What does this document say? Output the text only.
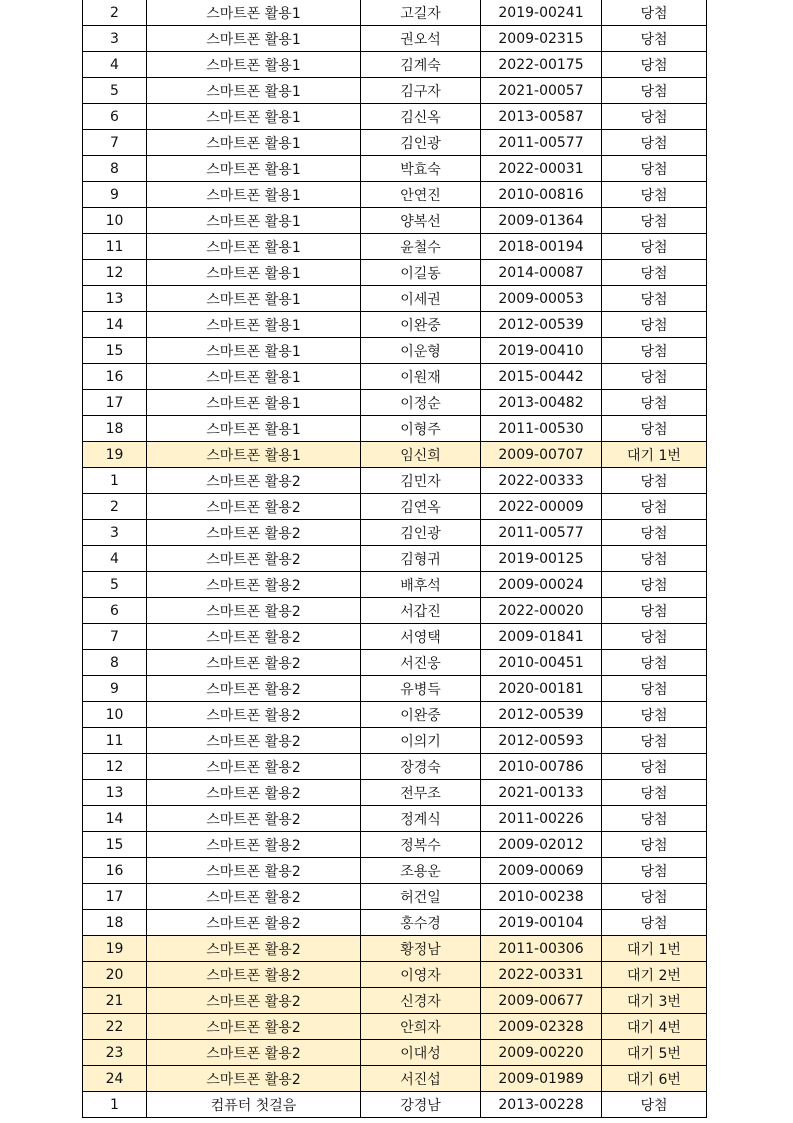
2	스마트폰 활용1	고길자	2019-00241	당첨
3	스마트폰 활용1	권오석	2009-02315	당첨
4	스마트폰 활용1	김계숙	2022-00175	당첨
5	스마트폰 활용1	김구자	2021-00057	당첨
6	스마트폰 활용1	김신옥	2013-00587	당첨
7	스마트폰 활용1	김인광	2011-00577	당첨
8	스마트폰 활용1	박효숙	2022-00031	당첨
9	스마트폰 활용1	안연진	2010-00816	당첨
10	스마트폰 활용1	양복선	2009-01364	당첨
11	스마트폰 활용1	윤철수	2018-00194	당첨
12	스마트폰 활용1	이길동	2014-00087	당첨
13	스마트폰 활용1	이세권	2009-00053	당첨
14	스마트폰 활용1	이완중	2012-00539	당첨
15	스마트폰 활용1	이운형	2019-00410	당첨
16	스마트폰 활용1	이원재	2015-00442	당첨
17	스마트폰 활용1	이정순	2013-00482	당첨
18	스마트폰 활용1	이형주	2011-00530	당첨
19	스마트폰 활용1	임신희	2009-00707	대기 1번
1	스마트폰 활용2	김민자	2022-00333	당첨
2	스마트폰 활용2	김연옥	2022-00009	당첨
3	스마트폰 활용2	김인광	2011-00577	당첨
4	스마트폰 활용2	김형귀	2019-00125	당첨
5	스마트폰 활용2	배후석	2009-00024	당첨
6	스마트폰 활용2	서갑진	2022-00020	당첨
7	스마트폰 활용2	서영택	2009-01841	당첨
8	스마트폰 활용2	서진웅	2010-00451	당첨
9	스마트폰 활용2	유병득	2020-00181	당첨
10	스마트폰 활용2	이완중	2012-00539	당첨
11	스마트폰 활용2	이의기	2012-00593	당첨
12	스마트폰 활용2	장경숙	2010-00786	당첨
13	스마트폰 활용2	전무조	2021-00133	당첨
14	스마트폰 활용2	정계식	2011-00226	당첨
15	스마트폰 활용2	정복수	2009-02012	당첨
16	스마트폰 활용2	조용운	2009-00069	당첨
17	스마트폰 활용2	허건일	2010-00238	당첨
18	스마트폰 활용2	홍수경	2019-00104	당첨
19	스마트폰 활용2	황정남	2011-00306	대기 1번
20	스마트폰 활용2	이영자	2022-00331	대기 2번
21	스마트폰 활용2	신경자	2009-00677	대기 3번
22	스마트폰 활용2	안희자	2009-02328	대기 4번
23	스마트폰 활용2	이대성	2009-00220	대기 5번
24	스마트폰 활용2	서진섭	2009-01989	대기 6번
1	컴퓨터 첫걸음	강경남	2013-00228	당첨
